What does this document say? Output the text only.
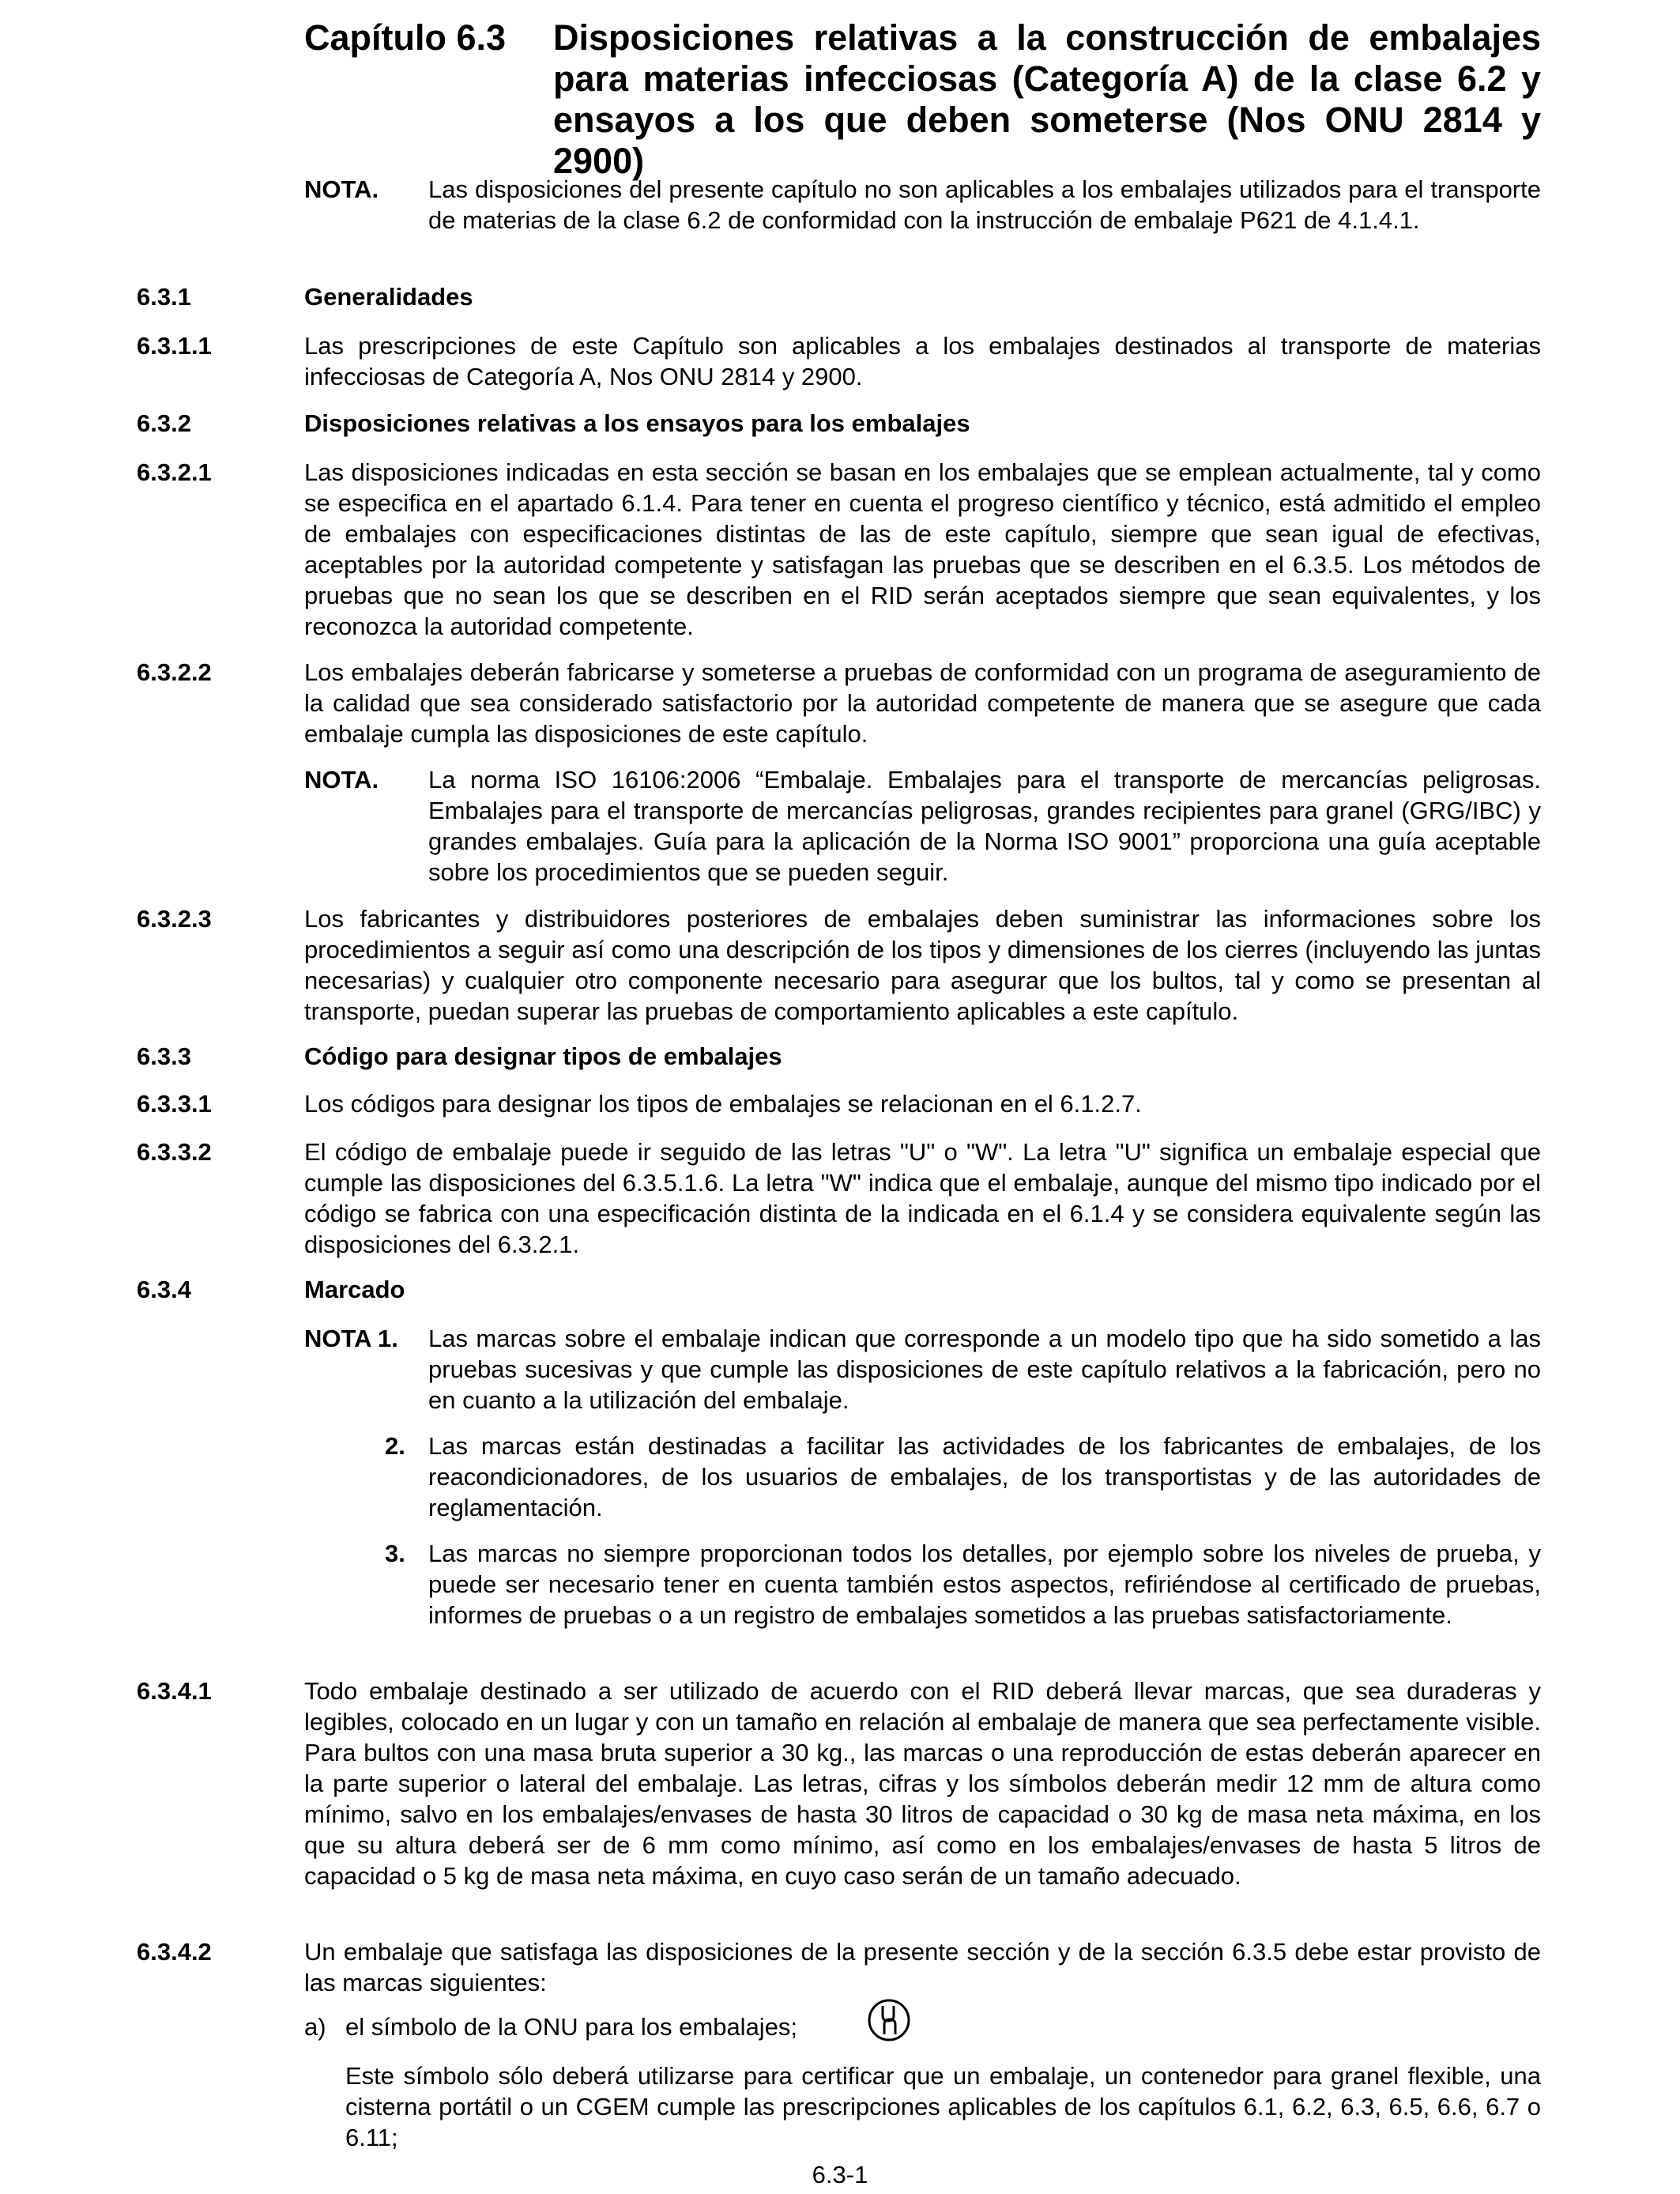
Capítulo 6.3 Disposiciones relativas a la construcción de embalajes para materias infecciosas (Categoría A) de la clase 6.2 y ensayos a los que deben someterse (Nos ONU 2814 y 2900)
NOTA. Las disposiciones del presente capítulo no son aplicables a los embalajes utilizados para el transporte de materias de la clase 6.2 de conformidad con la instrucción de embalaje P621 de 4.1.4.1.
6.3.1	Generalidades
6.3.1.1	Las prescripciones de este Capítulo son aplicables a los embalajes destinados al transporte de materias infecciosas de Categoría A, Nos ONU 2814 y 2900.
6.3.2	Disposiciones relativas a los ensayos para los embalajes
6.3.2.1	Las disposiciones indicadas en esta sección se basan en los embalajes que se emplean actualmente, tal y como se especifica en el apartado 6.1.4. Para tener en cuenta el progreso científico y técnico, está admitido el empleo de embalajes con especificaciones distintas de las de este capítulo, siempre que sean igual de efectivas, aceptables por la autoridad competente y satisfagan las pruebas que se describen en el 6.3.5. Los métodos de pruebas que no sean los que se describen en el RID serán aceptados siempre que sean equivalentes, y los reconozca la autoridad competente.
6.3.2.2	Los embalajes deberán fabricarse y someterse a pruebas de conformidad con un programa de aseguramiento de la calidad que sea considerado satisfactorio por la autoridad competente de manera que se asegure que cada embalaje cumpla las disposiciones de este capítulo.
NOTA. La norma ISO 16106:2006 “Embalaje. Embalajes para el transporte de mercancías peligrosas. Embalajes para el transporte de mercancías peligrosas, grandes recipientes para granel (GRG/IBC) y grandes embalajes. Guía para la aplicación de la Norma ISO 9001” proporciona una guía aceptable sobre los procedimientos que se pueden seguir.
6.3.2.3	Los fabricantes y distribuidores posteriores de embalajes deben suministrar las informaciones sobre los procedimientos a seguir así como una descripción de los tipos y dimensiones de los cierres (incluyendo las juntas necesarias) y cualquier otro componente necesario para asegurar que los bultos, tal y como se presentan al transporte, puedan superar las pruebas de comportamiento aplicables a este capítulo.
6.3.3	Código para designar tipos de embalajes
6.3.3.1	Los códigos para designar los tipos de embalajes se relacionan en el 6.1.2.7.
6.3.3.2	El código de embalaje puede ir seguido de las letras "U" o "W". La letra "U" significa un embalaje especial que cumple las disposiciones del 6.3.5.1.6. La letra "W" indica que el embalaje, aunque del mismo tipo indicado por el código se fabrica con una especificación distinta de la indicada en el 6.1.4 y se considera equivalente según las disposiciones del 6.3.2.1.
6.3.4	Marcado
NOTA 1. Las marcas sobre el embalaje indican que corresponde a un modelo tipo que ha sido sometido a las pruebas sucesivas y que cumple las disposiciones de este capítulo relativos a la fabricación, pero no en cuanto a la utilización del embalaje.
2. Las marcas están destinadas a facilitar las actividades de los fabricantes de embalajes, de los reacondicionadores, de los usuarios de embalajes, de los transportistas y de las autoridades de reglamentación.
3. Las marcas no siempre proporcionan todos los detalles, por ejemplo sobre los niveles de prueba, y puede ser necesario tener en cuenta también estos aspectos, refiriéndose al certificado de pruebas, informes de pruebas o a un registro de embalajes sometidos a las pruebas satisfactoriamente.
6.3.4.1	Todo embalaje destinado a ser utilizado de acuerdo con el RID deberá llevar marcas, que sea duraderas y legibles, colocado en un lugar y con un tamaño en relación al embalaje de manera que sea perfectamente visible. Para bultos con una masa bruta superior a 30 kg., las marcas o una reproducción de estas deberán aparecer en la parte superior o lateral del embalaje. Las letras, cifras y los símbolos deberán medir 12 mm de altura como mínimo, salvo en los embalajes/envases de hasta 30 litros de capacidad o 30 kg de masa neta máxima, en los que su altura deberá ser de 6 mm como mínimo, así como en los embalajes/envases de hasta 5 litros de capacidad o 5 kg de masa neta máxima, en cuyo caso serán de un tamaño adecuado.
6.3.4.2	Un embalaje que satisfaga las disposiciones de la presente sección y de la sección 6.3.5 debe estar provisto de las marcas siguientes:
a) el símbolo de la ONU para los embalajes;
Este símbolo sólo deberá utilizarse para certificar que un embalaje, un contenedor para granel flexible, una cisterna portátil o un CGEM cumple las prescripciones aplicables de los capítulos 6.1, 6.2, 6.3, 6.5, 6.6, 6.7 o 6.11;
6.3-1
